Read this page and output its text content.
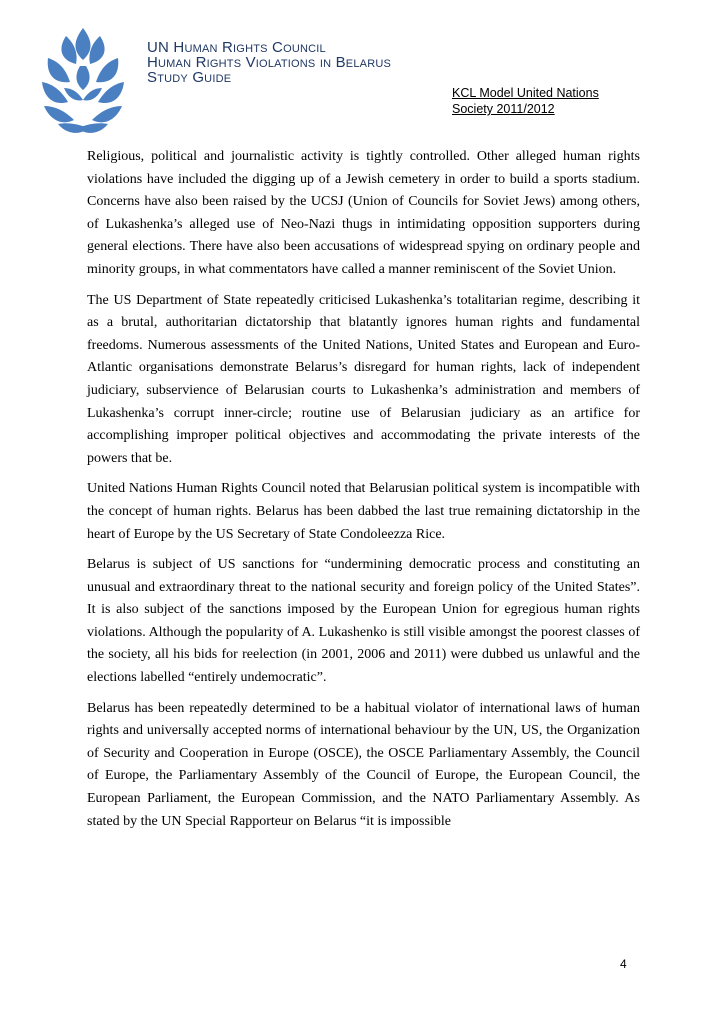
UN Human Rights Council
Human Rights Violations in Belarus
Study Guide
KCL Model United Nations
Society 2011/2012

Religious, political and journalistic activity is tightly controlled. Other alleged human rights violations have included the digging up of a Jewish cemetery in order to build a sports stadium. Concerns have also been raised by the UCSJ (Union of Councils for Soviet Jews) among others, of Lukashenka’s alleged use of Neo-Nazi thugs in intimidating opposition supporters during general elections. There have also been accusations of widespread spying on ordinary people and minority groups, in what commentators have called a manner reminiscent of the Soviet Union.

The US Department of State repeatedly criticised Lukashenka’s totalitarian regime, describing it as a brutal, authoritarian dictatorship that blatantly ignores human rights and fundamental freedoms. Numerous assessments of the United Nations, United States and European and Euro-Atlantic organisations demonstrate Belarus’s disregard for human rights, lack of independent judiciary, subservience of Belarusian courts to Lukashenka’s administration and members of Lukashenka’s corrupt inner-circle; routine use of Belarusian judiciary as an artifice for accomplishing improper political objectives and accommodating the private interests of the powers that be.

United Nations Human Rights Council noted that Belarusian political system is incompatible with the concept of human rights. Belarus has been dabbed the last true remaining dictatorship in the heart of Europe by the US Secretary of State Condoleezza Rice.

Belarus is subject of US sanctions for “undermining democratic process and constituting an unusual and extraordinary threat to the national security and foreign policy of the United States”. It is also subject of the sanctions imposed by the European Union for egregious human rights violations. Although the popularity of A. Lukashenko is still visible amongst the poorest classes of the society, all his bids for reelection (in 2001, 2006 and 2011) were dubbed us unlawful and the elections labelled “entirely undemocratic”.

Belarus has been repeatedly determined to be a habitual violator of international laws of human rights and universally accepted norms of international behaviour by the UN, US, the Organization of Security and Cooperation in Europe (OSCE), the OSCE Parliamentary Assembly, the Council of Europe, the Parliamentary Assembly of the Council of Europe, the European Council, the European Parliament, the European Commission, and the NATO Parliamentary Assembly. As stated by the UN Special Rapporteur on Belarus “it is impossible

4
